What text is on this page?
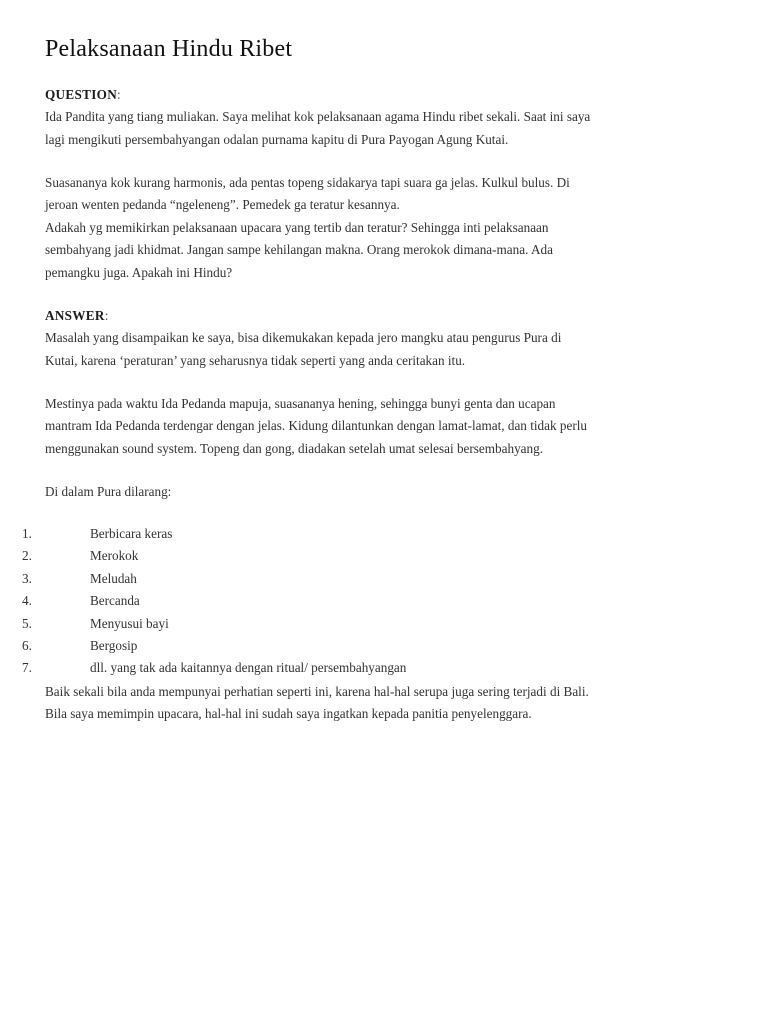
Pelaksanaan Hindu Ribet

QUESTION:

Ida Pandita yang tiang muliakan. Saya melihat kok pelaksanaan agama Hindu ribet sekali. Saat ini saya

lagi mengikuti persembahyangan odalan purnama kapitu di Pura Payogan Agung Kutai.

Suasananya kok kurang harmonis, ada pentas topeng sidakarya tapi suara ga jelas. Kulkul bulus. Di

jeroan wenten pedanda “ngeleneng”. Pemedek ga teratur kesannya.

Adakah yg memikirkan pelaksanaan upacara yang tertib dan teratur? Sehingga inti pelaksanaan

sembahyang jadi khidmat. Jangan sampe kehilangan makna. Orang merokok dimana-mana. Ada

pemangku juga. Apakah ini Hindu?

ANSWER:

Masalah yang disampaikan ke saya, bisa dikemukakan kepada jero mangku atau pengurus Pura di

Kutai, karena ‘peraturan’ yang seharusnya tidak seperti yang anda ceritakan itu.

Mestinya pada waktu Ida Pedanda mapuja, suasananya hening, sehingga bunyi genta dan ucapan

mantram Ida Pedanda terdengar dengan jelas. Kidung dilantunkan dengan lamat-lamat, dan tidak perlu

menggunakan sound system. Topeng dan gong, diadakan setelah umat selesai bersembahyang.

Di dalam Pura dilarang:

1.	Berbicara keras
2.	Merokok
3.	Meludah
4.	Bercanda
5.	Menyusui bayi
6.	Bergosip
7.	dll. yang tak ada kaitannya dengan ritual/ persembahyangan

Baik sekali bila anda mempunyai perhatian seperti ini, karena hal-hal serupa juga sering terjadi di Bali.

Bila saya memimpin upacara, hal-hal ini sudah saya ingatkan kepada panitia penyelenggara.
